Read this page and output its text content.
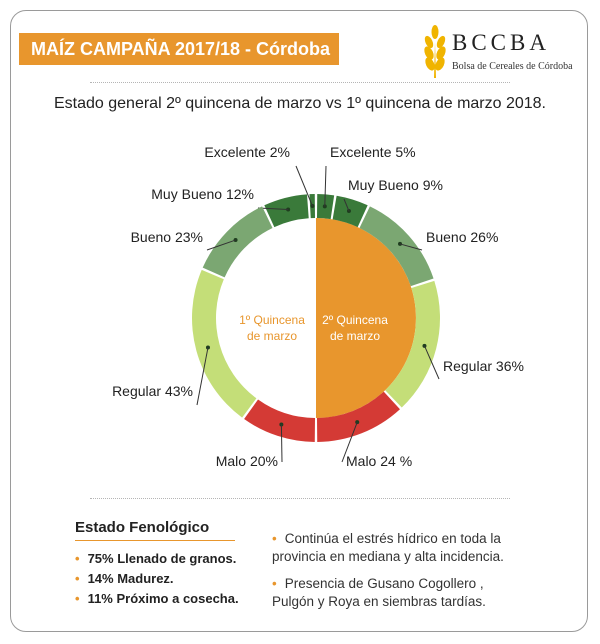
MAÍZ CAMPAÑA 2017/18 - Córdoba	BCCBA
Bolsa de Cereales de Córdoba
Estado general 2º quincena de marzo vs 1º quincena de marzo 2018.
Excelente 2%
Muy Bueno 12%
Bueno 23%
Regular 43%
Malo 20%
Excelente 5%
Muy Bueno 9%
Bueno 26%
Regular 36%
Malo 24 %
1º Quincena
de marzo
2º Quincena
de marzo
Estado Fenológico
• 75% Llenado de granos.
• 14% Madurez.
• 11% Próximo a cosecha.
• Continúa el estrés hídrico en toda la
provincia en mediana y alta incidencia.
• Presencia de Gusano Cogollero ,
Pulgón y Roya en siembras tardías.
